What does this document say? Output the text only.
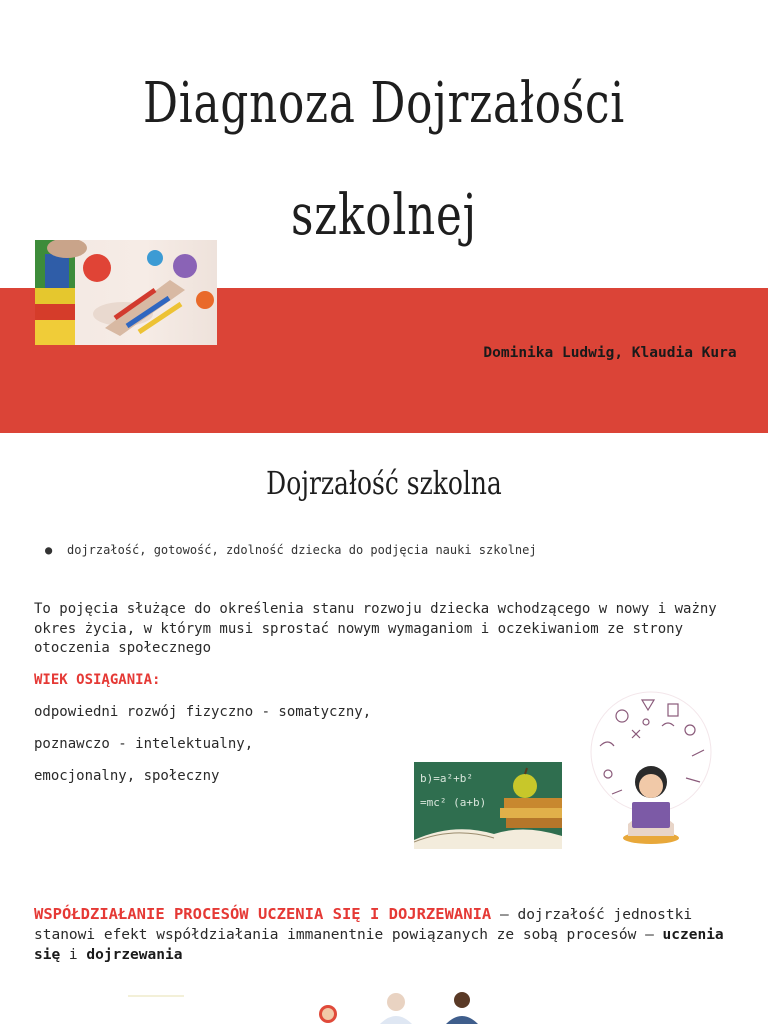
Diagnoza Dojrzałości
szkolnej
Dominika Ludwig, Klaudia Kura
Dojrzałość szkolna
● dojrzałość, gotowość, zdolność dziecka do podjęcia nauki szkolnej
To pojęcia służące do określenia stanu rozwoju dziecka wchodzącego w nowy i ważny okres życia, w którym musi sprostać nowym wymaganiom i oczekiwaniom ze strony otoczenia społecznego
WIEK OSIĄGANIA:
odpowiedni rozwój fizyczno - somatyczny,
poznawczo - intelektualny,
emocjonalny, społeczny	b)=a²+b²
=mc² (a+b)
WSPÓŁDZIAŁANIE PROCESÓW UCZENIA SIĘ I DOJRZEWANIA – dojrzałość jednostki stanowi efekt współdziałania immanentnie powiązanych ze sobą procesów – uczenia się i dojrzewania
